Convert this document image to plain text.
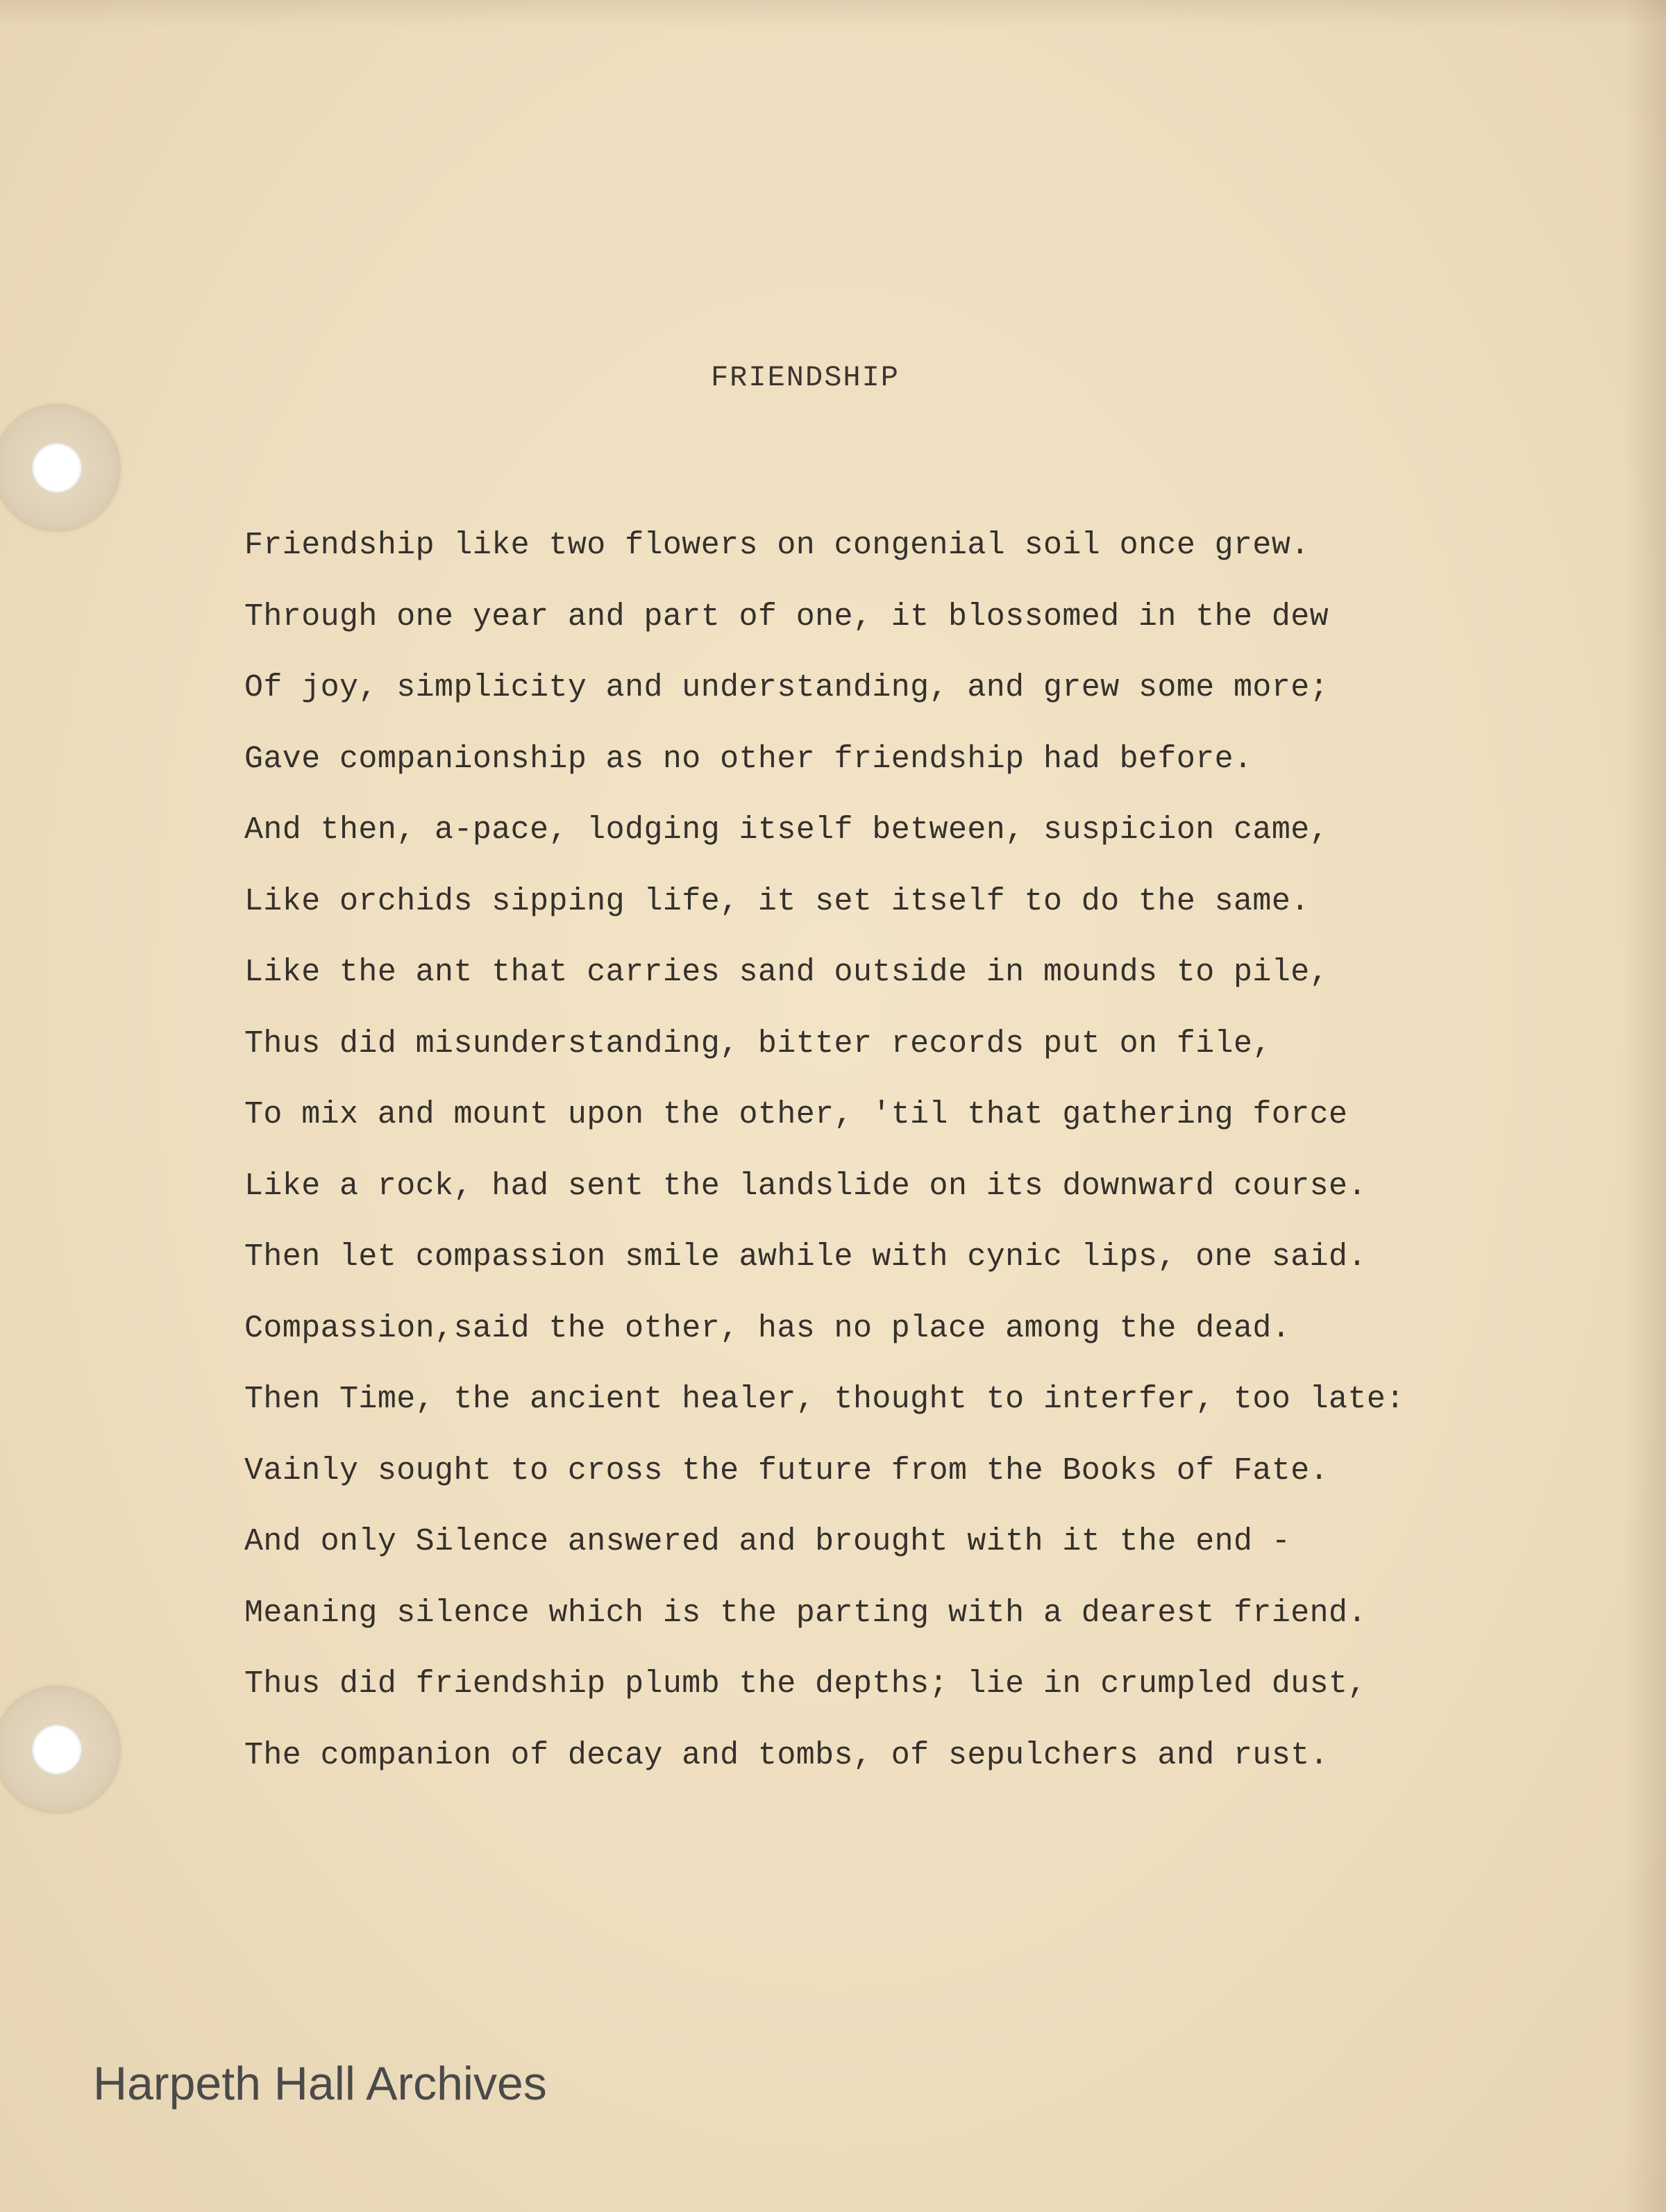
FRIENDSHIP
Friendship like two flowers on congenial soil once grew.
Through one year and part of one, it blossomed in the dew
Of joy, simplicity and understanding, and grew some more;
Gave companionship as no other friendship had before.
And then, a-pace, lodging itself between, suspicion came,
Like orchids sipping life, it set itself to do the same.
Like the ant that carries sand outside in mounds to pile,
Thus did misunderstanding, bitter records put on file,
To mix and mount upon the other, 'til that gathering force
Like a rock, had sent the landslide on its downward course.
Then let compassion smile awhile with cynic lips, one said.
Compassion,said the other, has no place among the dead.
Then Time, the ancient healer, thought to interfer, too late:
Vainly sought to cross the future from the Books of Fate.
And only Silence answered and brought with it the end -
Meaning silence which is the parting with a dearest friend.
Thus did friendship plumb the depths; lie in crumpled dust,
The companion of decay and tombs, of sepulchers and rust.
Harpeth Hall Archives
